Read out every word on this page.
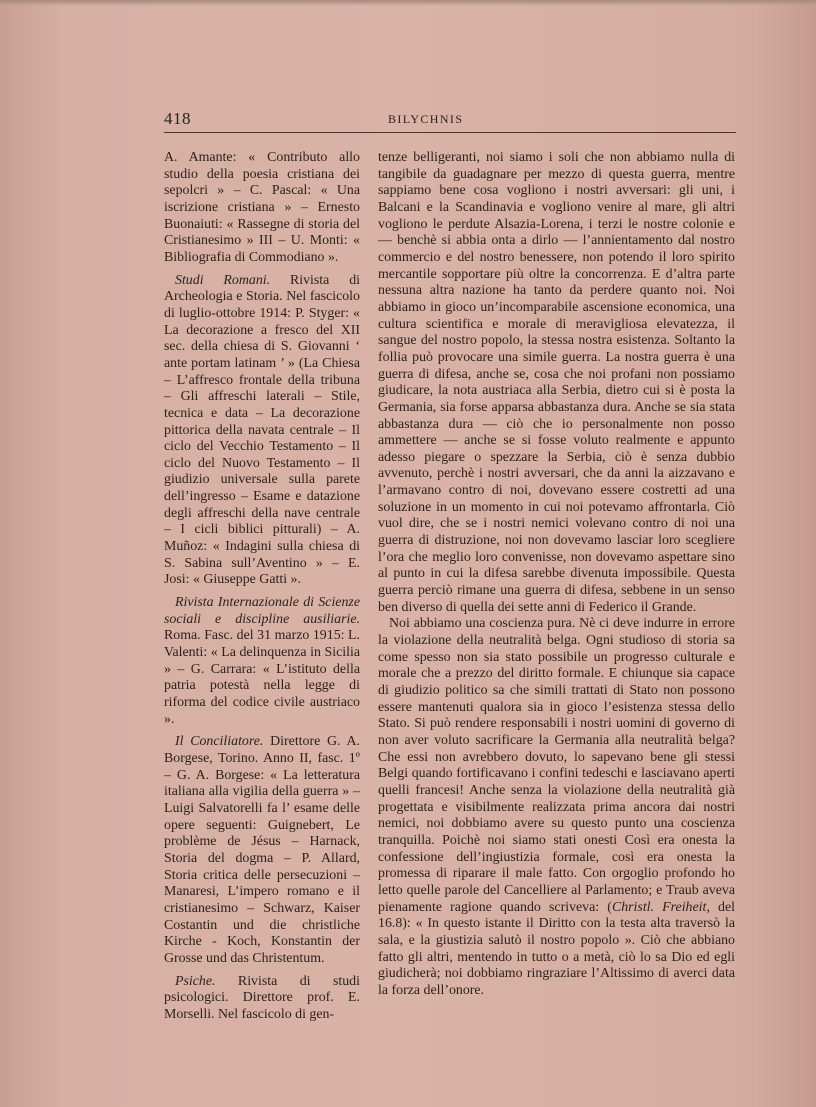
418	BILYCHNIS

A. Amante: « Contributo allo studio della poesia cristiana dei sepolcri » – C. Pascal: « Una iscrizione cristiana » – Ernesto Buonaiuti: « Rassegne di storia del Cristianesimo » III – U. Monti: « Bibliografia di Commodiano ».

Studi Romani. Rivista di Archeologia e Storia. Nel fascicolo di luglio-ottobre 1914: P. Styger: « La decorazione a fresco del XII sec. della chiesa di S. Giovanni ‘ ante portam latinam ’ » (La Chiesa – L’affresco frontale della tribuna – Gli affreschi laterali – Stile, tecnica e data – La decorazione pittorica della navata centrale – Il ciclo del Vecchio Testamento – Il ciclo del Nuovo Testamento – Il giudizio universale sulla parete dell’ingresso – Esame e datazione degli affreschi della nave centrale – I cicli biblici pitturali) – A. Muñoz: « Indagini sulla chiesa di S. Sabina sull’Aventino » – E. Josi: « Giuseppe Gatti ».

Rivista Internazionale di Scienze sociali e discipline ausiliarie. Roma. Fasc. del 31 marzo 1915: L. Valenti: « La delinquenza in Sicilia » – G. Carrara: « L’istituto della patria potestà nella legge di riforma del codice civile austriaco ».

Il Conciliatore. Direttore G. A. Borgese, Torino. Anno II, fasc. 1º – G. A. Borgese: « La letteratura italiana alla vigilia della guerra » – Luigi Salvatorelli fa l’ esame delle opere seguenti: Guignebert, Le problème de Jésus – Harnack, Storia del dogma – P. Allard, Storia critica delle persecuzioni – Manaresi, L’impero romano e il cristianesimo – Schwarz, Kaiser Costantin und die christliche Kirche - Koch, Konstantin der Grosse und das Christentum.

Psiche. Rivista di studi psicologici. Direttore prof. E. Morselli. Nel fascicolo di gen-

tenze belligeranti, noi siamo i soli che non abbiamo nulla di tangibile da guadagnare per mezzo di questa guerra, mentre sappiamo bene cosa vogliono i nostri avversari: gli uni, i Balcani e la Scandinavia e vogliono venire al mare, gli altri vogliono le perdute Alsazia-Lorena, i terzi le nostre colonie e — benchè si abbia onta a dirlo — l’annientamento dal nostro commercio e del nostro benessere, non potendo il loro spirito mercantile sopportare più oltre la concorrenza. E d’altra parte nessuna altra nazione ha tanto da perdere quanto noi. Noi abbiamo in gioco un’incomparabile ascensione economica, una cultura scientifica e morale di meravigliosa elevatezza, il sangue del nostro popolo, la stessa nostra esistenza. Soltanto la follia può provocare una simile guerra. La nostra guerra è una guerra di difesa, anche se, cosa che noi profani non possiamo giudicare, la nota austriaca alla Serbia, dietro cui si è posta la Germania, sia forse apparsa abbastanza dura. Anche se sia stata abbastanza dura — ciò che io personalmente non posso ammettere — anche se si fosse voluto realmente e appunto adesso piegare o spezzare la Serbia, ciò è senza dubbio avvenuto, perchè i nostri avversari, che da anni la aizzavano e l’armavano contro di noi, dovevano essere costretti ad una soluzione in un momento in cui noi potevamo affrontarla. Ciò vuol dire, che se i nostri nemici volevano contro di noi una guerra di distruzione, noi non dovevamo lasciar loro scegliere l’ora che meglio loro convenisse, non dovevamo aspettare sino al punto in cui la difesa sarebbe divenuta impossibile. Questa guerra perciò rimane una guerra di difesa, sebbene in un senso ben diverso di quella dei sette anni di Federico il Grande.

Noi abbiamo una coscienza pura. Nè ci deve indurre in errore la violazione della neutralità belga. Ogni studioso di storia sa come spesso non sia stato possibile un progresso culturale e morale che a prezzo del diritto formale. E chiunque sia capace di giudizio politico sa che simili trattati di Stato non possono essere mantenuti qualora sia in gioco l’esistenza stessa dello Stato. Si può rendere responsabili i nostri uomini di governo di non aver voluto sacrificare la Germania alla neutralità belga? Che essi non avrebbero dovuto, lo sapevano bene gli stessi Belgi quando fortificavano i confini tedeschi e lasciavano aperti quelli francesi! Anche senza la violazione della neutralità già progettata e visibilmente realizzata prima ancora dai nostri nemici, noi dobbiamo avere su questo punto una coscienza tranquilla. Poichè noi siamo stati onesti Così era onesta la confessione dell’ingiustizia formale, così era onesta la promessa di riparare il male fatto. Con orgoglio profondo ho letto quelle parole del Cancelliere al Parlamento; e Traub aveva pienamente ragione quando scriveva: (Christl. Freiheit, del 16.8): « In questo istante il Diritto con la testa alta traversò la sala, e la giustizia salutò il nostro popolo ». Ciò che abbiano fatto gli altri, mentendo in tutto o a metà, ciò lo sa Dio ed egli giudicherà; noi dobbiamo ringraziare l’Altissimo di averci data la forza dell’onore.
